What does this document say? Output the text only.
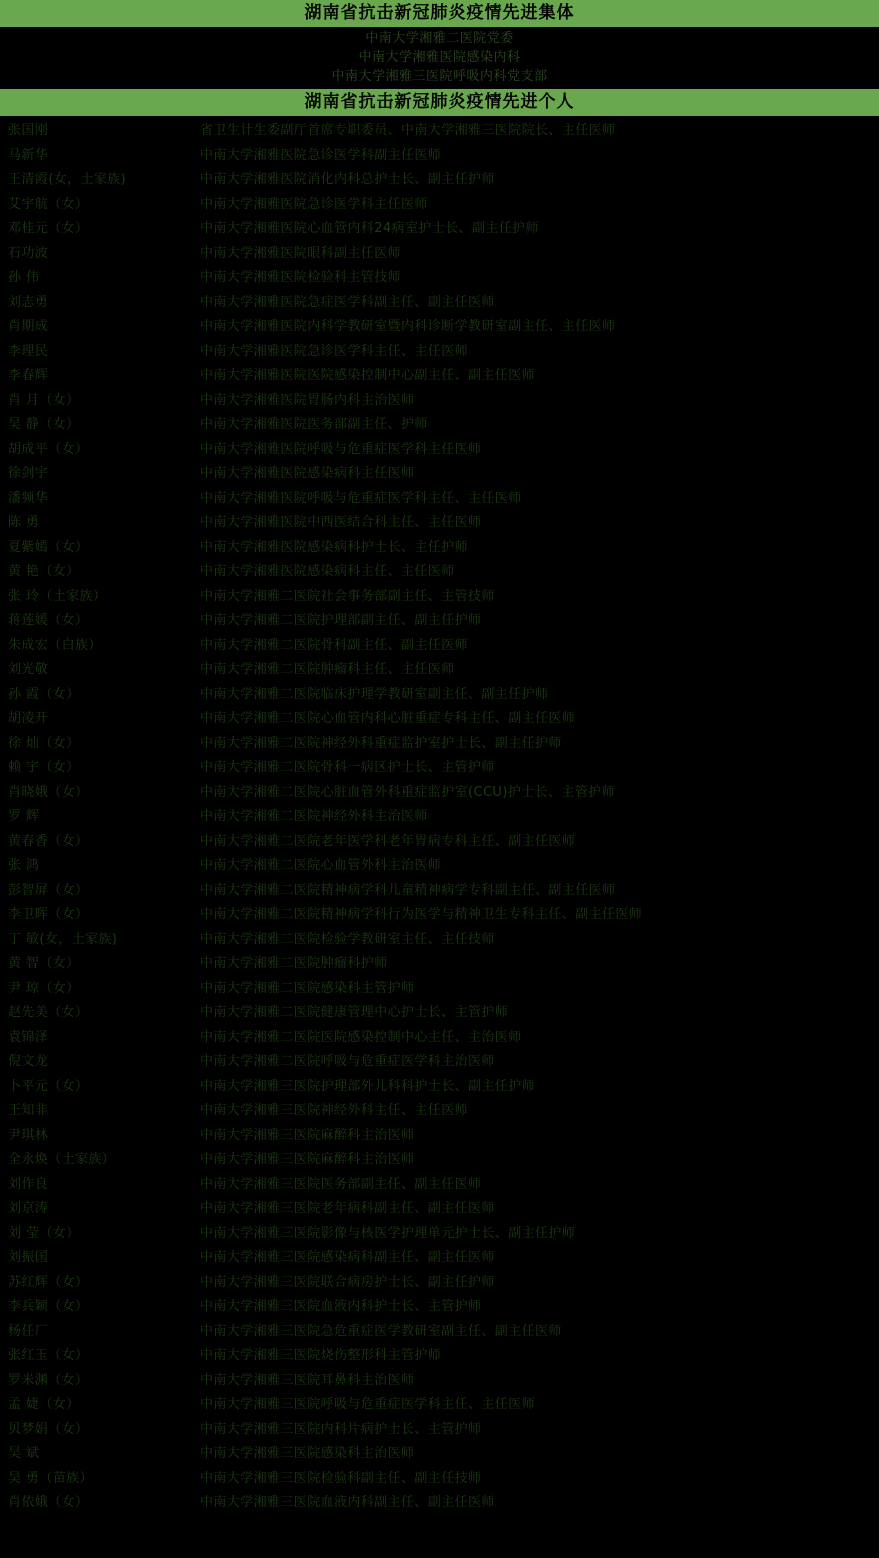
湖南省抗击新冠肺炎疫情先进集体
中南大学湘雅二医院党委
中南大学湘雅医院感染内科
中南大学湘雅三医院呼吸内科党支部
湖南省抗击新冠肺炎疫情先进个人
张国刚	省卫生计生委副厅首席专职委员、中南大学湘雅三医院院长、主任医师
马新华	中南大学湘雅医院急诊医学科副主任医师
王清霞(女，土家族)	中南大学湘雅医院消化内科总护士长、副主任护师
艾宇航（女）	中南大学湘雅医院急诊医学科主任医师
邓桂元（女）	中南大学湘雅医院心血管内科24病室护士长、副主任护师
石功波	中南大学湘雅医院眼科副主任医师
孙 伟	中南大学湘雅医院检验科主管技师
刘志勇	中南大学湘雅医院急症医学科副主任、副主任医师
肖期成	中南大学湘雅医院内科学教研室暨内科诊断学教研室副主任、主任医师
李理民	中南大学湘雅医院急诊医学科主任、主任医师
李春辉	中南大学湘雅医院医院感染控制中心副主任、副主任医师
肖 月（女）	中南大学湘雅医院胃肠内科主治医师
吴 静（女）	中南大学湘雅医院医务部副主任、护师
胡成平（女）	中南大学湘雅医院呼吸与危重症医学科主任医师
徐剑宇	中南大学湘雅医院感染病科主任医师
潘频华	中南大学湘雅医院呼吸与危重症医学科主任、主任医师
陈 勇	中南大学湘雅医院中西医结合科主任、主任医师
夏紫嫣（女）	中南大学湘雅医院感染病科护士长、主任护师
黄 艳（女）	中南大学湘雅医院感染病科主任、主任医师
张 玲（土家族）	中南大学湘雅二医院社会事务部副主任、主管技师
蒋莲媛（女）	中南大学湘雅二医院护理部副主任、副主任护师
朱成宏（白族）	中南大学湘雅二医院骨科副主任、副主任医师
刘光敬	中南大学湘雅二医院肿瘤科主任、主任医师
孙 霞（女）	中南大学湘雅二医院临床护理学教研室副主任、副主任护师
胡凌开	中南大学湘雅二医院心血管内科心脏重症专科主任、副主任医师
徐 灿（女）	中南大学湘雅二医院神经外科重症监护室护士长、副主任护师
赖 宇（女）	中南大学湘雅二医院骨科一病区护士长、主管护师
肖晓娥（女）	中南大学湘雅二医院心脏血管外科重症监护室(CCU)护士长、主管护师
罗 辉	中南大学湘雅二医院神经外科主治医师
黄春香（女）	中南大学湘雅二医院老年医学科老年胃病专科主任、副主任医师
张 鸿	中南大学湘雅二医院心血管外科主治医师
彭智屏（女）	中南大学湘雅二医院精神病学科儿童精神病学专科副主任、副主任医师
李卫晖（女）	中南大学湘雅二医院精神病学科行为医学与精神卫生专科主任、副主任医师
丁 敏(女，土家族)	中南大学湘雅二医院检验学教研室主任、主任技师
黄 智（女）	中南大学湘雅二医院肿瘤科护师
尹 琼（女）	中南大学湘雅二医院感染科主管护师
赵先美（女）	中南大学湘雅二医院健康管理中心护士长、主管护师
袁锦泽	中南大学湘雅二医院医院感染控制中心主任、主治医师
倪文龙	中南大学湘雅二医院呼吸与危重症医学科主治医师
卜平元（女）	中南大学湘雅三医院护理部外儿科科护士长、副主任护师
王知非	中南大学湘雅三医院神经外科主任、主任医师
尹琪林	中南大学湘雅三医院麻醉科主治医师
全永焕（土家族）	中南大学湘雅三医院麻醉科主治医师
刘作良	中南大学湘雅三医院医务部副主任、副主任医师
刘京涛	中南大学湘雅三医院老年病科副主任、副主任医师
刘 莹（女）	中南大学湘雅三医院影像与核医学护理单元护士长、副主任护师
刘振国	中南大学湘雅三医院感染病科副主任、副主任医师
苏红辉（女）	中南大学湘雅三医院联合病房护士长、副主任护师
李兵颖（女）	中南大学湘雅三医院血液内科护士长、主管护师
杨任厂	中南大学湘雅三医院急危重症医学教研室副主任、副主任医师
张红玉（女）	中南大学湘雅三医院烧伤整形科主管护师
罗米渊（女）	中南大学湘雅三医院耳鼻科主治医师
孟 婕（女）	中南大学湘雅三医院呼吸与危重症医学科主任、主任医师
贝梦娟（女）	中南大学湘雅三医院内科片病护士长、主管护师
吴 斌	中南大学湘雅三医院感染科主治医师
吴 勇（苗族）	中南大学湘雅三医院检验科副主任、副主任技师
肖依娥（女）	中南大学湘雅三医院血液内科副主任、副主任医师
